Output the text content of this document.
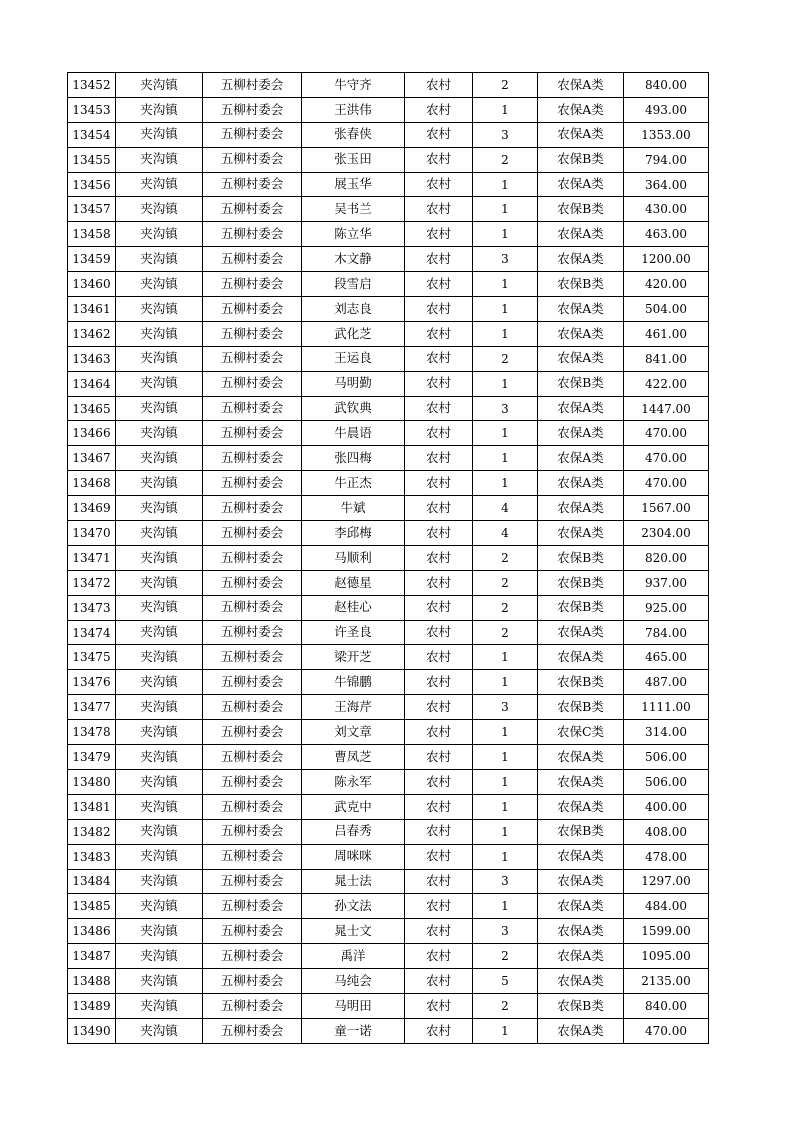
13452	夹沟镇	五柳村委会	牛守齐	农村	2	农保A类	840.00
13453	夹沟镇	五柳村委会	王洪伟	农村	1	农保A类	493.00
13454	夹沟镇	五柳村委会	张春侠	农村	3	农保A类	1353.00
13455	夹沟镇	五柳村委会	张玉田	农村	2	农保B类	794.00
13456	夹沟镇	五柳村委会	展玉华	农村	1	农保A类	364.00
13457	夹沟镇	五柳村委会	吴书兰	农村	1	农保B类	430.00
13458	夹沟镇	五柳村委会	陈立华	农村	1	农保A类	463.00
13459	夹沟镇	五柳村委会	木文静	农村	3	农保A类	1200.00
13460	夹沟镇	五柳村委会	段雪启	农村	1	农保B类	420.00
13461	夹沟镇	五柳村委会	刘志良	农村	1	农保A类	504.00
13462	夹沟镇	五柳村委会	武化芝	农村	1	农保A类	461.00
13463	夹沟镇	五柳村委会	王运良	农村	2	农保A类	841.00
13464	夹沟镇	五柳村委会	马明勤	农村	1	农保B类	422.00
13465	夹沟镇	五柳村委会	武钦典	农村	3	农保A类	1447.00
13466	夹沟镇	五柳村委会	牛晨语	农村	1	农保A类	470.00
13467	夹沟镇	五柳村委会	张四梅	农村	1	农保A类	470.00
13468	夹沟镇	五柳村委会	牛正杰	农村	1	农保A类	470.00
13469	夹沟镇	五柳村委会	牛斌	农村	4	农保A类	1567.00
13470	夹沟镇	五柳村委会	李邱梅	农村	4	农保A类	2304.00
13471	夹沟镇	五柳村委会	马顺利	农村	2	农保B类	820.00
13472	夹沟镇	五柳村委会	赵德星	农村	2	农保B类	937.00
13473	夹沟镇	五柳村委会	赵桂心	农村	2	农保B类	925.00
13474	夹沟镇	五柳村委会	许圣良	农村	2	农保A类	784.00
13475	夹沟镇	五柳村委会	梁开芝	农村	1	农保A类	465.00
13476	夹沟镇	五柳村委会	牛锦鹏	农村	1	农保B类	487.00
13477	夹沟镇	五柳村委会	王海芹	农村	3	农保B类	1111.00
13478	夹沟镇	五柳村委会	刘文章	农村	1	农保C类	314.00
13479	夹沟镇	五柳村委会	曹凤芝	农村	1	农保A类	506.00
13480	夹沟镇	五柳村委会	陈永军	农村	1	农保A类	506.00
13481	夹沟镇	五柳村委会	武克中	农村	1	农保A类	400.00
13482	夹沟镇	五柳村委会	吕春秀	农村	1	农保B类	408.00
13483	夹沟镇	五柳村委会	周咪咪	农村	1	农保A类	478.00
13484	夹沟镇	五柳村委会	晁士法	农村	3	农保A类	1297.00
13485	夹沟镇	五柳村委会	孙文法	农村	1	农保A类	484.00
13486	夹沟镇	五柳村委会	晁士文	农村	3	农保A类	1599.00
13487	夹沟镇	五柳村委会	禹洋	农村	2	农保A类	1095.00
13488	夹沟镇	五柳村委会	马纯会	农村	5	农保A类	2135.00
13489	夹沟镇	五柳村委会	马明田	农村	2	农保B类	840.00
13490	夹沟镇	五柳村委会	童一诺	农村	1	农保A类	470.00
